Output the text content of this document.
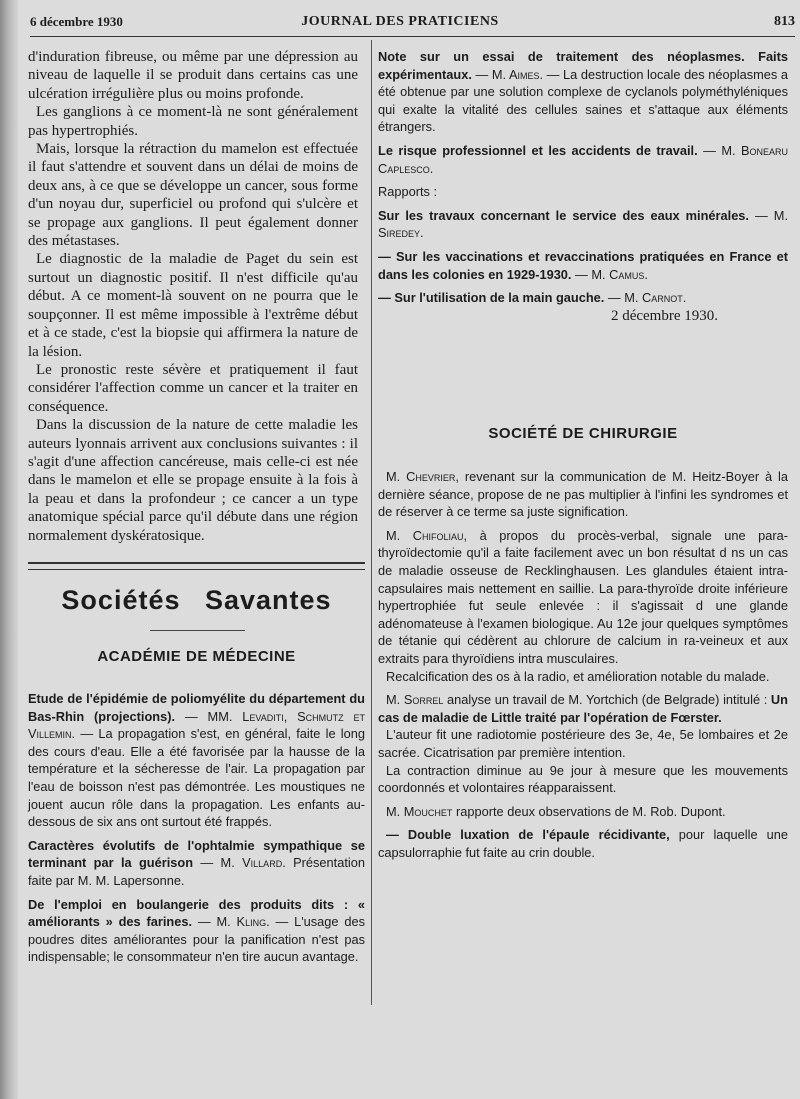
6 décembre 1930	JOURNAL DES PRATICIENS	813

d'induration fibreuse, ou même par une dépression au niveau de laquelle il se produit dans certains cas une ulcération irrégulière plus ou moins profonde.

Les ganglions à ce moment-là ne sont généralement pas hypertrophiés.

Mais, lorsque la rétraction du mamelon est effectuée il faut s'attendre et souvent dans un délai de moins de deux ans, à ce que se développe un cancer, sous forme d'un noyau dur, superficiel ou profond qui s'ulcère et se propage aux ganglions. Il peut également donner des métastases.

Le diagnostic de la maladie de Paget du sein est surtout un diagnostic positif. Il n'est difficile qu'au début. A ce moment-là souvent on ne pourra que le soupçonner. Il est même impossible à l'extrême début et à ce stade, c'est la biopsie qui affirmera la nature de la lésion.

Le pronostic reste sévère et pratiquement il faut considérer l'affection comme un cancer et la traiter en conséquence.

Dans la discussion de la nature de cette maladie les auteurs lyonnais arrivent aux conclusions suivantes : il s'agit d'une affection cancéreuse, mais celle-ci est née dans le mamelon et elle se propage ensuite à la fois à la peau et dans la profondeur ; ce cancer a un type anatomique spécial parce qu'il débute dans une région normalement dyskératosique.

Sociétés Savantes
ACADÉMIE DE MÉDECINE

Etude de l'épidémie de poliomyélite du département du Bas-Rhin (projections). — MM. Levaditi, Schmutz et Villemin. — La propagation s'est, en général, faite le long des cours d'eau. Elle a été favorisée par la hausse de la température et la sécheresse de l'air. La propagation par l'eau de boisson n'est pas démontrée. Les moustiques ne jouent aucun rôle dans la propagation. Les enfants au-dessous de six ans ont surtout été frappés.

Caractères évolutifs de l'ophtalmie sympathique se terminant par la guérison — M. Villard. Présentation faite par M. M. Lapersonne.

De l'emploi en boulangerie des produits dits : « améliorants » des farines. — M. Kling. — L'usage des poudres dites améliorantes pour la panification n'est pas indispensable; le consommateur n'en tire aucun avantage.

Note sur un essai de traitement des néoplasmes. Faits expérimentaux. — M. Aimes. — La destruction locale des néoplasmes a été obtenue par une solution complexe de cyclanols polyméthyléniques qui exalte la vitalité des cellules saines et s'attaque aux éléments étrangers.

Le risque professionnel et les accidents de travail. — M. Bonearu Caplesco.

Rapports :

Sur les travaux concernant le service des eaux minérales. — M. Siredey.

— Sur les vaccinations et revaccinations pratiquées en France et dans les colonies en 1929-1930. — M. Camus.

— Sur l'utilisation de la main gauche. — M. Carnot.

2 décembre 1930.

SOCIÉTÉ DE CHIRURGIE

M. Chevrier, revenant sur la communication de M. Heitz-Boyer à la dernière séance, propose de ne pas multiplier à l'infini les syndromes et de réserver à ce terme sa juste signification.

M. Chifoliau, à propos du procès-verbal, signale une para-thyroïdectomie qu'il a faite facilement avec un bon résultat d ns un cas de maladie osseuse de Recklinghausen. Les glandules étaient intra-capsulaires mais nettement en saillie. La para-thyroïde droite inférieure hypertrophiée fut seule enlevée : il s'agissait d une glande adénomateuse à l'examen biologique. Au 12e jour quelques symptômes de tétanie qui cédèrent au chlorure de calcium in ra-veineux et aux extraits para thyroïdiens intra musculaires.

Recalcification des os à la radio, et amélioration notable du malade.

M. Sorrel analyse un travail de M. Yortchich (de Belgrade) intitulé : Un cas de maladie de Little traité par l'opération de Fœrster.

L'auteur fit une radiotomie postérieure des 3e, 4e, 5e lombaires et 2e sacrée. Cicatrisation par première intention.

La contraction diminue au 9e jour à mesure que les mouvements coordonnés et volontaires réapparaissent.

M. Mouchet rapporte deux observations de M. Rob. Dupont.

— Double luxation de l'épaule récidivante, pour laquelle une capsulorraphie fut faite au crin double.
